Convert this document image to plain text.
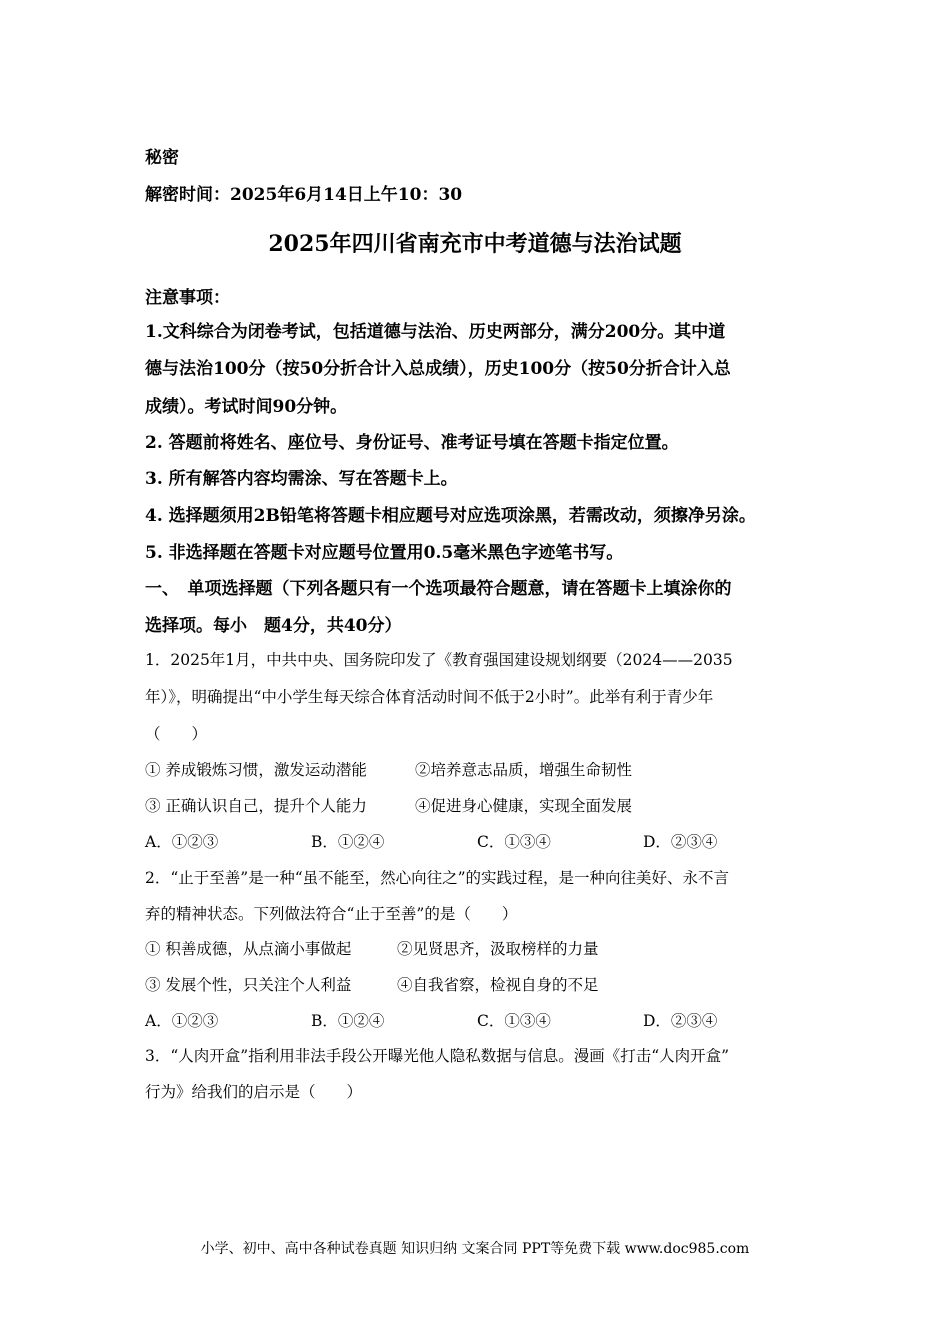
秘密
解密时间：2025年6月14日上午10：30
2025年四川省南充市中考道德与法治试题
注意事项：
1.文科综合为闭卷考试，包括道德与法治、历史两部分，满分200分。其中道
德与法治100分（按50分折合计入总成绩），历史100分（按50分折合计入总
成绩）。考试时间90分钟。
2. 答题前将姓名、座位号、身份证号、准考证号填在答题卡指定位置。
3. 所有解答内容均需涂、写在答题卡上。
4. 选择题须用2B铅笔将答题卡相应题号对应选项涂黑，若需改动，须擦净另涂。
5. 非选择题在答题卡对应题号位置用0.5毫米黑色字迹笔书写。
一、　单项选择题（下列各题只有一个选项最符合题意，请在答题卡上填涂你的
选择项。每小　题4分，共40分）
1．2025年1月，中共中央、国务院印发了《教育强国建设规划纲要（2024——2035
年）》，明确提出“中小学生每天综合体育活动时间不低于2小时”。此举有利于青少年
（　　）
① 养成锻炼习惯，激发运动潜能	②培养意志品质，增强生命韧性
③ 正确认识自己，提升个人能力	④促进身心健康，实现全面发展
A．①②③	B．①②④	C．①③④	D．②③④
2．“止于至善”是一种“虽不能至，然心向往之”的实践过程，是一种向往美好、永不言
弃的精神状态。下列做法符合“止于至善”的是（　　）
① 积善成德，从点滴小事做起	②见贤思齐，汲取榜样的力量
③ 发展个性，只关注个人利益	④自我省察，检视自身的不足
A．①②③	B．①②④	C．①③④	D．②③④
3．“人肉开盒”指利用非法手段公开曝光他人隐私数据与信息。漫画《打击“人肉开盒”
行为》给我们的启示是（　　）
小学、初中、高中各种试卷真题 知识归纳 文案合同 PPT等免费下载 www.doc985.com
